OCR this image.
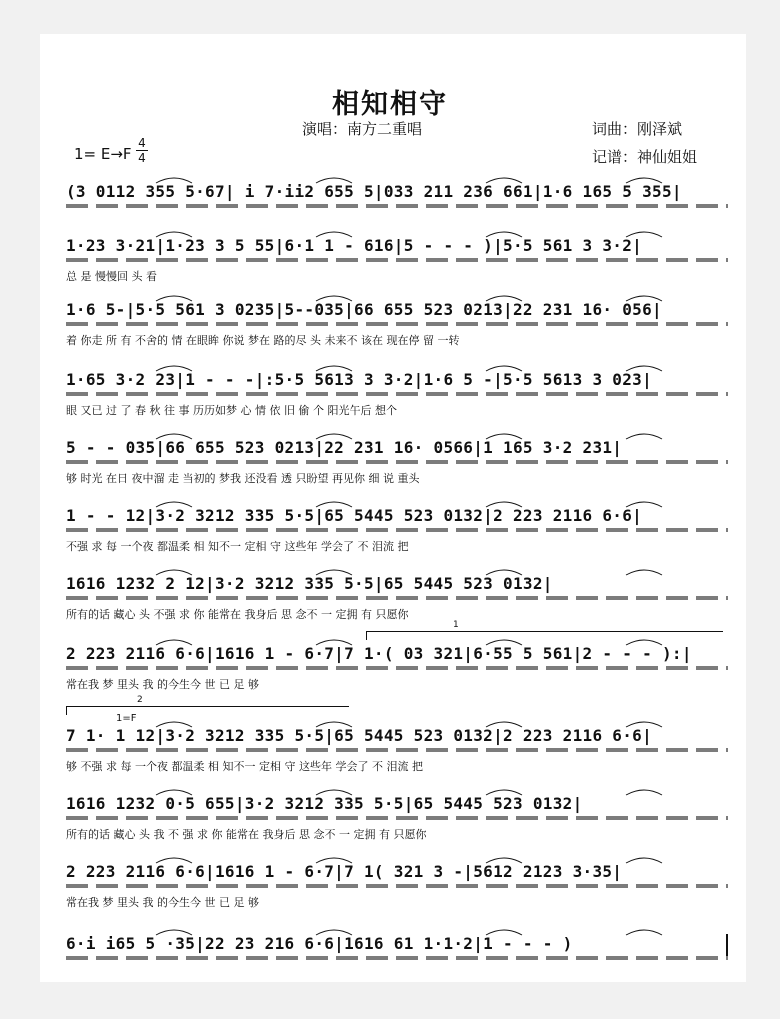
相知相守
演唱：南方二重唱	词曲：刚泽斌
记谱：神仙姐姐
1= E→F
4
4
(3 0112 355 5·67| i 7·ii2 655 5|033 211 236 661|1·6 165 5 355|
1·23 3·21|1·23 3 5 55|6·1 1 - 616|5 - - - )|5·5 561 3 3·2|
总 是 慢慢回 头 看
1·6 5-|5·5 561 3 0235|5--035|66 655 523 0213|22 231 16· 056|
着 你走 所 有 不舍的 情 在眼眸 你说 梦在 路的尽 头 未来不 该在 现在停 留 一转
1·65 3·2 23|1 - - -|:5·5 5613 3 3·2|1·6 5 -|5·5 5613 3 023|
眼 又已 过 了 春 秋 往 事 历历如梦 心 情 依 旧 偷 个 阳光午后 想个
5 - - 035|66 655 523 0213|22 231 16· 0566|1 165 3·2 231|
够 时光 在日 夜中溜 走 当初的 梦我 还没看 透 只盼望 再见你 细 说 重头
1 - - 12|3·2 3212 335 5·5|65 5445 523 0132|2 223 2116 6·6|
不强 求 每 一个夜 都温柔 相 知不一 定相 守 这些年 学会了 不 泪流 把
1616 1232 2 12|3·2 3212 335 5·5|65 5445 523 0132|
所有的话 藏心 头 不强 求 你 能常在 我身后 思 念不 一 定拥 有 只愿你
2 223 2116 6·6|1616 1 - 6·7|7 1·( 03 321|6·55 5 561|2 - - - ):|
常在我 梦 里头 我 的今生今 世 已 足 够
7 1· 1 12|3·2 3212 335 5·5|65 5445 523 0132|2 223 2116 6·6|
够 不强 求 每 一个夜 都温柔 相 知不一 定相 守 这些年 学会了 不 泪流 把
1616 1232 0·5 655|3·2 3212 335 5·5|65 5445 523 0132|
所有的话 藏心 头 我 不 强 求 你 能常在 我身后 思 念不 一 定拥 有 只愿你
2 223 2116 6·6|1616 1 - 6·7|7 1( 321 3 -|5612 2123 3·35|
常在我 梦 里头 我 的今生今 世 已 足 够
6·i i65 5 ·35|22 23 216 6·6|1616 61 1·1·2|1 - - - )
1
2
1=F
